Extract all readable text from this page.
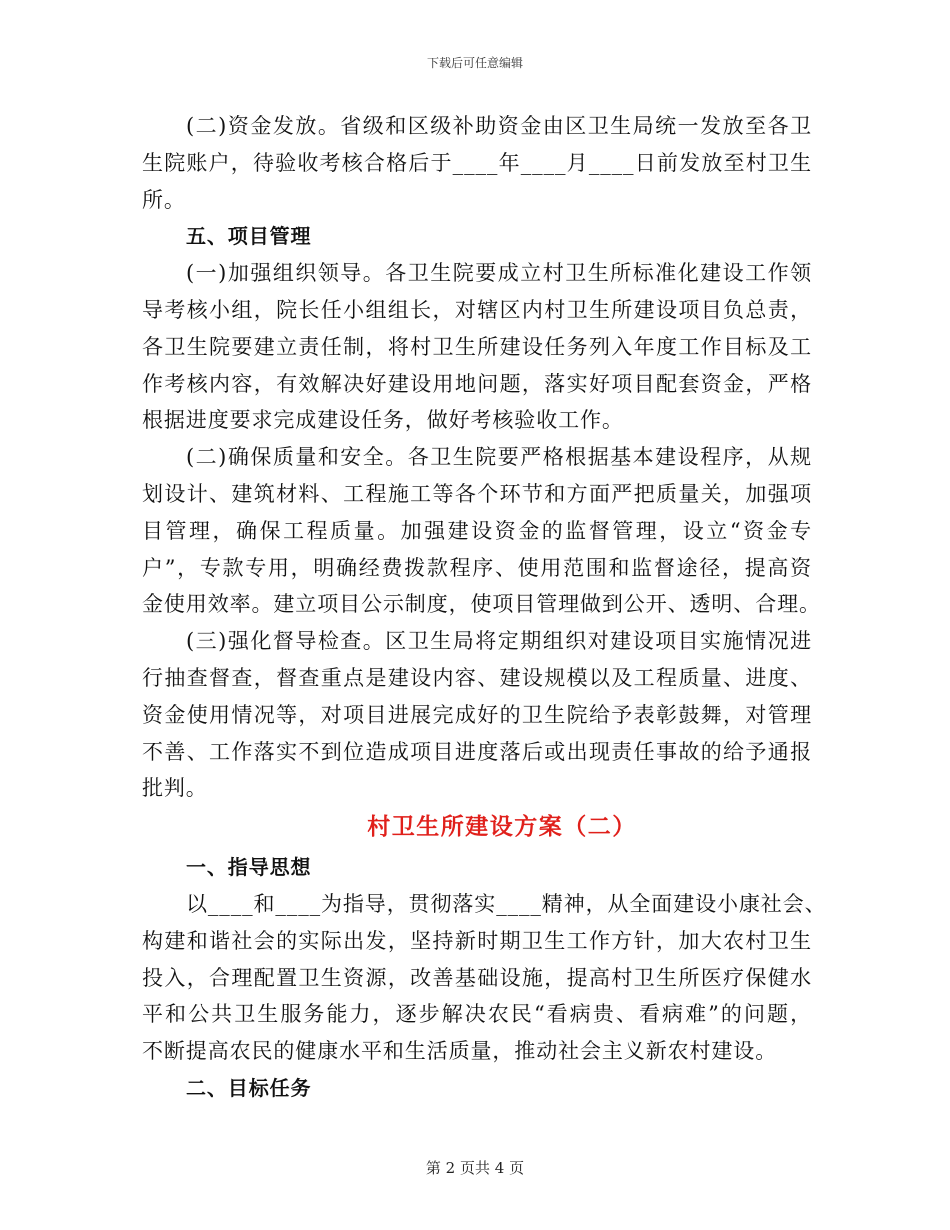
下载后可任意编辑
(二)资金发放。省级和区级补助资金由区卫生局统一发放至各卫
生院账户，待验收考核合格后于____年____月____日前发放至村卫生
所。
五、项目管理
(一)加强组织领导。各卫生院要成立村卫生所标准化建设工作领
导考核小组，院长任小组组长，对辖区内村卫生所建设项目负总责，
各卫生院要建立责任制，将村卫生所建设任务列入年度工作目标及工
作考核内容，有效解决好建设用地问题，落实好项目配套资金，严格
根据进度要求完成建设任务，做好考核验收工作。
(二)确保质量和安全。各卫生院要严格根据基本建设程序，从规
划设计、建筑材料、工程施工等各个环节和方面严把质量关，加强项
目管理，确保工程质量。加强建设资金的监督管理，设立“资金专
户”，专款专用，明确经费拨款程序、使用范围和监督途径，提高资
金使用效率。建立项目公示制度，使项目管理做到公开、透明、合理。
(三)强化督导检查。区卫生局将定期组织对建设项目实施情况进
行抽查督查，督查重点是建设内容、建设规模以及工程质量、进度、
资金使用情况等，对项目进展完成好的卫生院给予表彰鼓舞，对管理
不善、工作落实不到位造成项目进度落后或出现责任事故的给予通报
批判。
村卫生所建设方案（二）
一、指导思想
以____和____为指导，贯彻落实____精神，从全面建设小康社会、
构建和谐社会的实际出发，坚持新时期卫生工作方针，加大农村卫生
投入，合理配置卫生资源，改善基础设施，提高村卫生所医疗保健水
平和公共卫生服务能力，逐步解决农民“看病贵、看病难”的问题，
不断提高农民的健康水平和生活质量，推动社会主义新农村建设。
二、目标任务
第 2 页共 4 页
